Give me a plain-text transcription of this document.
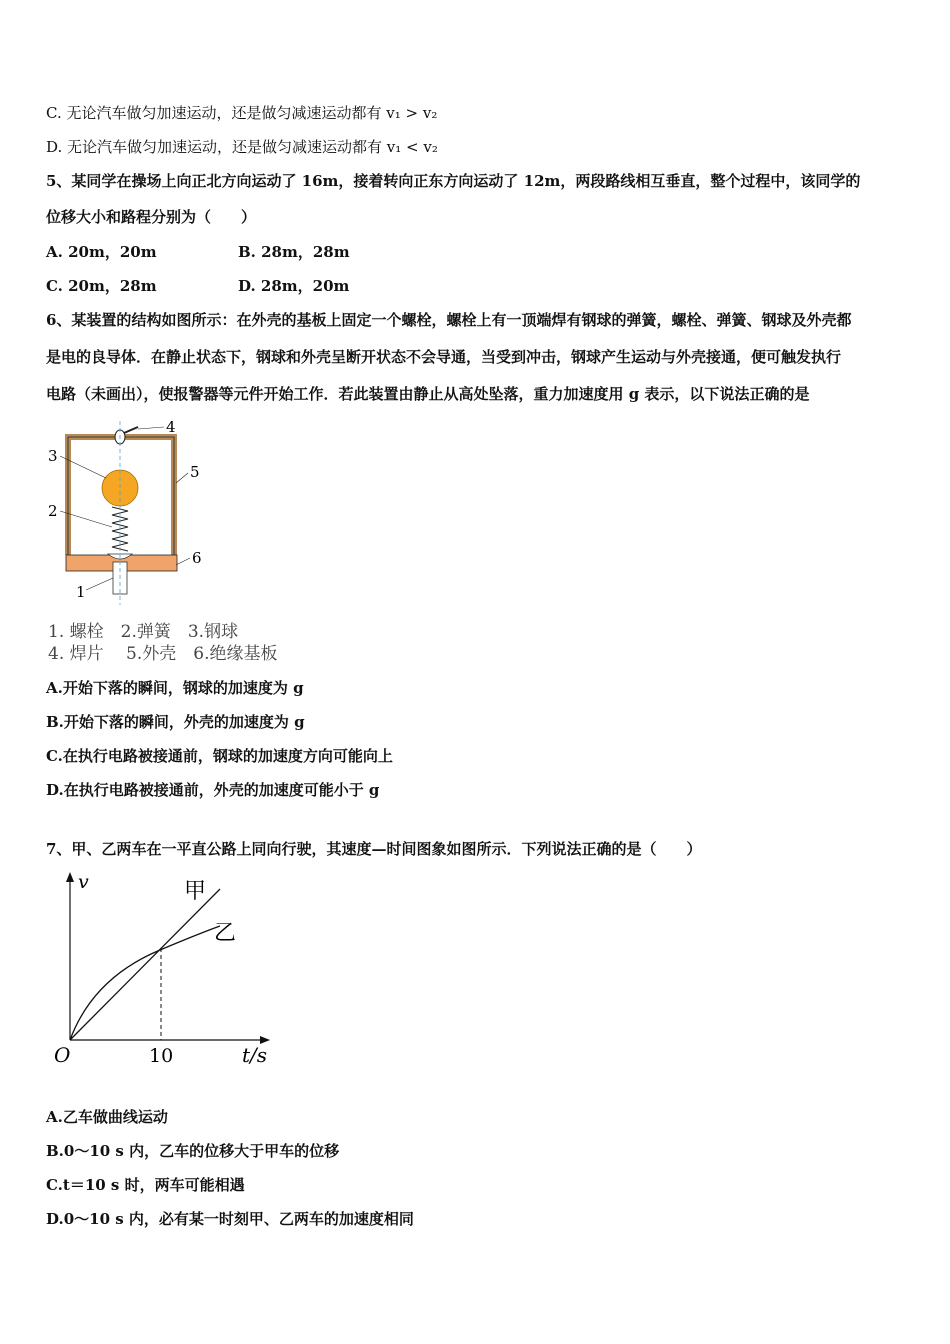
C. 无论汽车做匀加速运动，还是做匀减速运动都有 v₁ > v₂
D. 无论汽车做匀加速运动，还是做匀减速运动都有 v₁ < v₂
5、某同学在操场上向正北方向运动了 16m，接着转向正东方向运动了 12m，两段路线相互垂直，整个过程中，该同学的
位移大小和路程分别为（　　）
A. 20m，20m	B. 28m，28m
C. 20m，28m	D. 28m，20m
6、某装置的结构如图所示：在外壳的基板上固定一个螺栓，螺栓上有一顶端焊有钢球的弹簧，螺栓、弹簧、钢球及外壳都
是电的良导体．在静止状态下，钢球和外壳呈断开状态不会导通，当受到冲击，钢球产生运动与外壳接通，便可触发执行
电路（未画出），使报警器等元件开始工作．若此装置由静止从高处坠落，重力加速度用 g 表示，以下说法正确的是
3
2
1
4
5
6
1. 螺栓　2.弹簧　3.钢球
4. 焊片　 5.外壳　6.绝缘基板
A.开始下落的瞬间，钢球的加速度为 g
B.开始下落的瞬间，外壳的加速度为 g
C.在执行电路被接通前，钢球的加速度方向可能向上
D.在执行电路被接通前，外壳的加速度可能小于 g
7、甲、乙两车在一平直公路上同向行驶，其速度—时间图象如图所示．下列说法正确的是（　　）
v
O	10	t/s
甲
乙
A.乙车做曲线运动
B.0～10 s 内，乙车的位移大于甲车的位移
C.t＝10 s 时，两车可能相遇
D.0～10 s 内，必有某一时刻甲、乙两车的加速度相同
